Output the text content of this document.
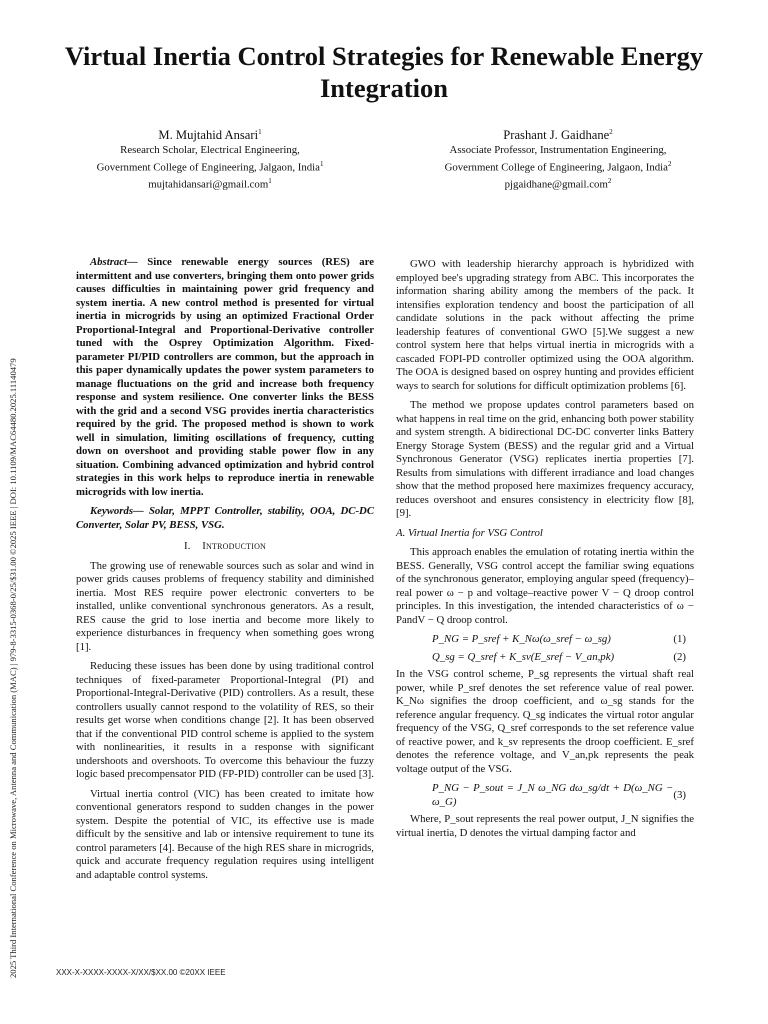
2025 Third International Conference on Microwave, Antenna and Communication (MAC) | 979-8-3315-0368-0/25/$31.00 ©2025 IEEE | DOI: 10.1109/MAC64480.2025.11140479
Virtual Inertia Control Strategies for Renewable Energy Integration
M. Mujtahid Ansari$^1$
Research Scholar, Electrical Engineering,
Government College of Engineering, Jalgaon, India$^1$
mujtahidansari@gmail.com$^1$
Prashant J. Gaidhane$^2$
Associate Professor, Instrumentation Engineering,
Government College of Engineering, Jalgaon, India$^2$
pjgaidhane@gmail.com$^2$

Abstract— Since renewable energy sources (RES) are intermittent and use converters, bringing them onto power grids causes difficulties in maintaining power grid frequency and system inertia. A new control method is presented for virtual inertia in microgrids by using an optimized Fractional Order Proportional-Integral and Proportional-Derivative controller tuned with the Osprey Optimization Algorithm. Fixed-parameter PI/PID controllers are common, but the approach in this paper dynamically updates the power system parameters to manage fluctuations on the grid and increase both frequency response and system resilience. One converter links the BESS with the grid and a second VSG provides inertia characteristics required by the grid. The proposed method is shown to work well in simulation, limiting oscillations of frequency, cutting down on overshoot and providing stable power flow in any situation. Combining advanced optimization and hybrid control strategies in this work helps to reproduce inertia in renewable microgrids with low inertia.

Keywords— Solar, MPPT Controller, stability, OOA, DC-DC Converter, Solar PV, BESS, VSG.

I. Introduction

The growing use of renewable sources such as solar and wind in power grids causes problems of frequency stability and diminished inertia. Most RES require power electronic converters to be installed, unlike conventional synchronous generators. As a result, RES cause the grid to lose inertia and become more likely to experience disturbances in frequency when something goes wrong [1].

Reducing these issues has been done by using traditional control techniques of fixed-parameter Proportional-Integral (PI) and Proportional-Integral-Derivative (PID) controllers. As a result, these controllers usually cannot respond to the volatility of RES, so their results get worse when conditions change [2]. It has been observed that if the conventional PID control scheme is applied to the system with nonlinearities, it results in a response with significant undershoots and overshoots. To overcome this behaviour the fuzzy logic based precompensator PID (FP-PID) controller can be used [3].

Virtual inertia control (VIC) has been created to imitate how conventional generators respond to sudden changes in the power system. Despite the potential of VIC, its effective use is made difficult by the sensitive and lab or intensive requirement to tune its control parameters [4]. Because of the high RES share in microgrids, quick and accurate frequency regulation requires using intelligent and adaptable control systems.

GWO with leadership hierarchy approach is hybridized with employed bee's upgrading strategy from ABC. This incorporates the information sharing ability among the members of the pack. It intensifies exploration tendency and boost the participation of all candidate solutions in the pack without affecting the prime leadership features of conventional GWO [5].We suggest a new control system here that helps virtual inertia in microgrids with a cascaded FOPI-PD controller optimized using the OOA algorithm. The OOA is designed based on osprey hunting and provides efficient ways to search for solutions for difficult optimization problems [6].

The method we propose updates control parameters based on what happens in real time on the grid, enhancing both power stability and system strength. A bidirectional DC-DC converter links Battery Energy Storage System (BESS) and the regular grid and a Virtual Synchronous Generator (VSG) replicates inertia properties [7]. Results from simulations with different irradiance and load changes show that the method proposed here maximizes frequency accuracy, reduces overshoot and ensures consistency in electricity flow [8], [9].

A. Virtual Inertia for VSG Control

This approach enables the emulation of rotating inertia within the BESS. Generally, VSG control accept the familiar swing equations of the synchronous generator, employing angular speed (frequency)–real power ω − p and voltage–reactive power V − Q droop control principles. In this investigation, the intended characteristics of ω − PandV − Q droop control.

P_NG = P_sref + K_Nω(ω_sref − ω_sg)	(1)
Q_sg = Q_sref + K_sv(E_sref − V_an,pk)	(2)

In the VSG control scheme, P_sg represents the virtual shaft real power, while P_sref denotes the set reference value of real power. K_Nω signifies the droop coefficient, and ω_sg stands for the reference angular frequency. Q_sg indicates the virtual rotor angular frequency of the VSG, Q_sref corresponds to the set reference value of reactive power, and k_sv represents the droop coefficient. E_sref denotes the reference voltage, and V_an,pk represents the peak voltage output of the VSG.

P_NG − P_sout = J_N ω_NG dω_sg/dt + D(ω_NG − ω_G)
(3)

Where, P_sout represents the real power output, J_N signifies the virtual inertia, D denotes the virtual damping factor and

XXX-X-XXXX-XXXX-X/XX/$XX.00 ©20XX IEEE
